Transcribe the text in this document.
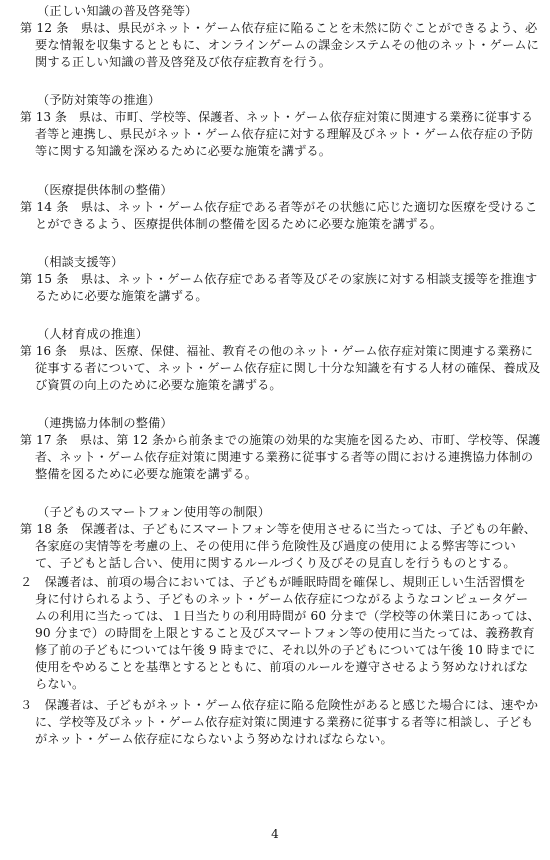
（正しい知識の普及啓発等）
第 12 条　県は、県民がネット・ゲーム依存症に陥ることを未然に防ぐことができるよう、必
要な情報を収集するとともに、オンラインゲームの課金システムその他のネット・ゲームに
関する正しい知識の普及啓発及び依存症教育を行う。
（予防対策等の推進）
第 13 条　県は、市町、学校等、保護者、ネット・ゲーム依存症対策に関連する業務に従事する
者等と連携し、県民がネット・ゲーム依存症に対する理解及びネット・ゲーム依存症の予防
等に関する知識を深めるために必要な施策を講ずる。
（医療提供体制の整備）
第 14 条　県は、ネット・ゲーム依存症である者等がその状態に応じた適切な医療を受けるこ
とができるよう、医療提供体制の整備を図るために必要な施策を講ずる。
（相談支援等）
第 15 条　県は、ネット・ゲーム依存症である者等及びその家族に対する相談支援等を推進す
るために必要な施策を講ずる。
（人材育成の推進）
第 16 条　県は、医療、保健、福祉、教育その他のネット・ゲーム依存症対策に関連する業務に
従事する者について、ネット・ゲーム依存症に関し十分な知識を有する人材の確保、養成及
び資質の向上のために必要な施策を講ずる。
（連携協力体制の整備）
第 17 条　県は、第 12 条から前条までの施策の効果的な実施を図るため、市町、学校等、保護
者、ネット・ゲーム依存症対策に関連する業務に従事する者等の間における連携協力体制の
整備を図るために必要な施策を講ずる。
（子どものスマートフォン使用等の制限）
第 18 条　保護者は、子どもにスマートフォン等を使用させるに当たっては、子どもの年齢、
各家庭の実情等を考慮の上、その使用に伴う危険性及び過度の使用による弊害等につい
て、子どもと話し合い、使用に関するルールづくり及びその見直しを行うものとする。
２　保護者は、前項の場合においては、子どもが睡眠時間を確保し、規則正しい生活習慣を
身に付けられるよう、子どものネット・ゲーム依存症につながるようなコンピュータゲー
ムの利用に当たっては、１日当たりの利用時間が 60 分まで（学校等の休業日にあっては、
90 分まで）の時間を上限とすること及びスマートフォン等の使用に当たっては、義務教育
修了前の子どもについては午後 9 時までに、それ以外の子どもについては午後 10 時までに
使用をやめることを基準とするとともに、前項のルールを遵守させるよう努めなければな
らない。
３　保護者は、子どもがネット・ゲーム依存症に陥る危険性があると感じた場合には、速やか
に、学校等及びネット・ゲーム依存症対策に関連する業務に従事する者等に相談し、子ども
がネット・ゲーム依存症にならないよう努めなければならない。
4
